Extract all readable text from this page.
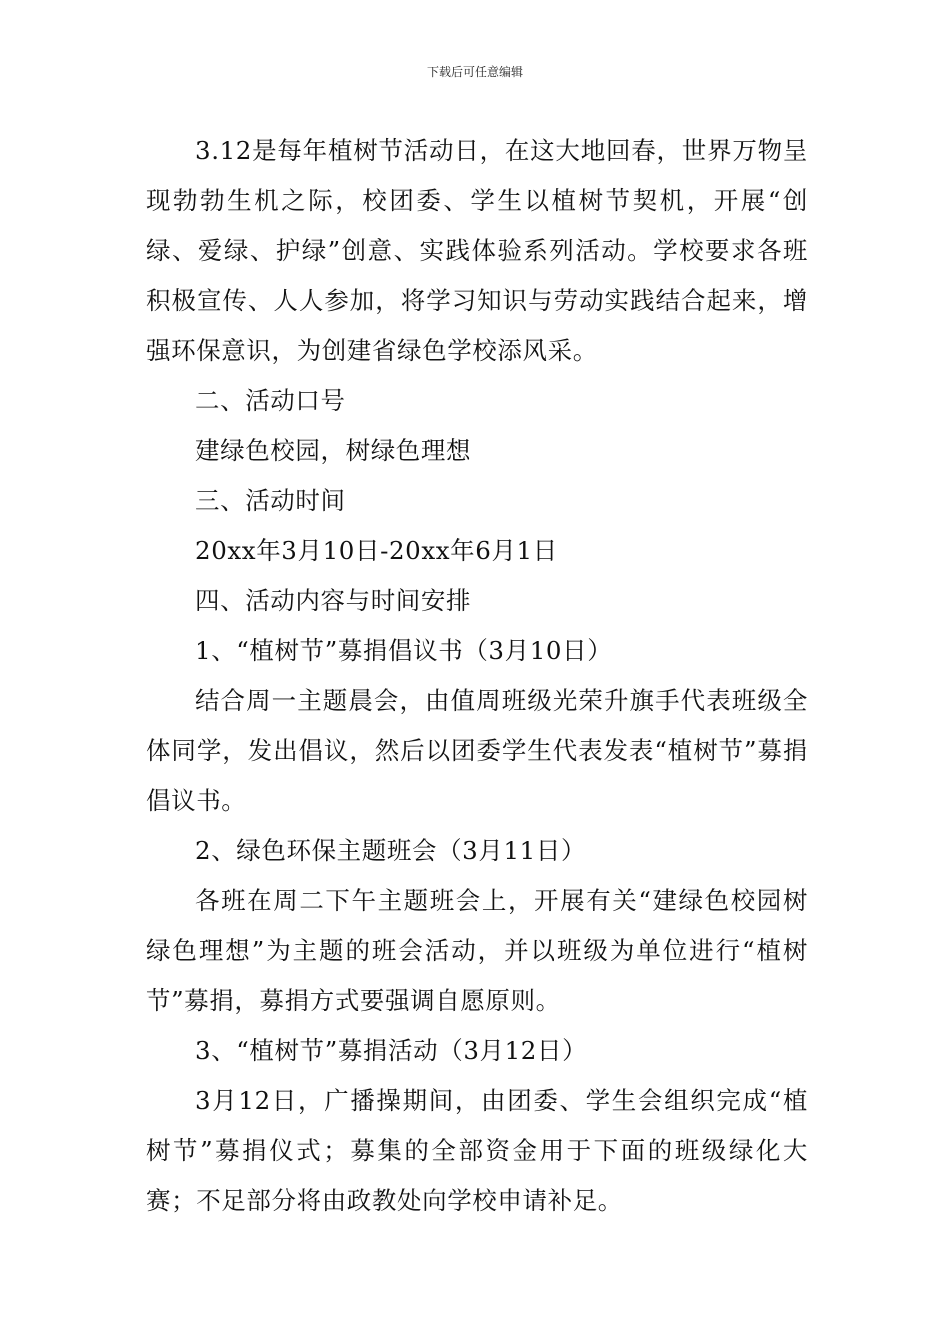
下载后可任意编辑

3.12是每年植树节活动日，在这大地回春，世界万物呈现勃勃生机之际，校团委、学生以植树节契机，开展“创绿、爱绿、护绿”创意、实践体验系列活动。学校要求各班积极宣传、人人参加，将学习知识与劳动实践结合起来，增强环保意识，为创建省绿色学校添风采。

二、活动口号

建绿色校园，树绿色理想

三、活动时间

20xx年3月10日-20xx年6月1日

四、活动内容与时间安排

1、“植树节”募捐倡议书（3月10日）

结合周一主题晨会，由值周班级光荣升旗手代表班级全体同学，发出倡议，然后以团委学生代表发表“植树节”募捐倡议书。

2、绿色环保主题班会（3月11日）

各班在周二下午主题班会上，开展有关“建绿色校园树绿色理想”为主题的班会活动，并以班级为单位进行“植树节”募捐，募捐方式要强调自愿原则。

3、“植树节”募捐活动（3月12日）

3月12日，广播操期间，由团委、学生会组织完成“植树节”募捐仪式；募集的全部资金用于下面的班级绿化大赛；不足部分将由政教处向学校申请补足。
